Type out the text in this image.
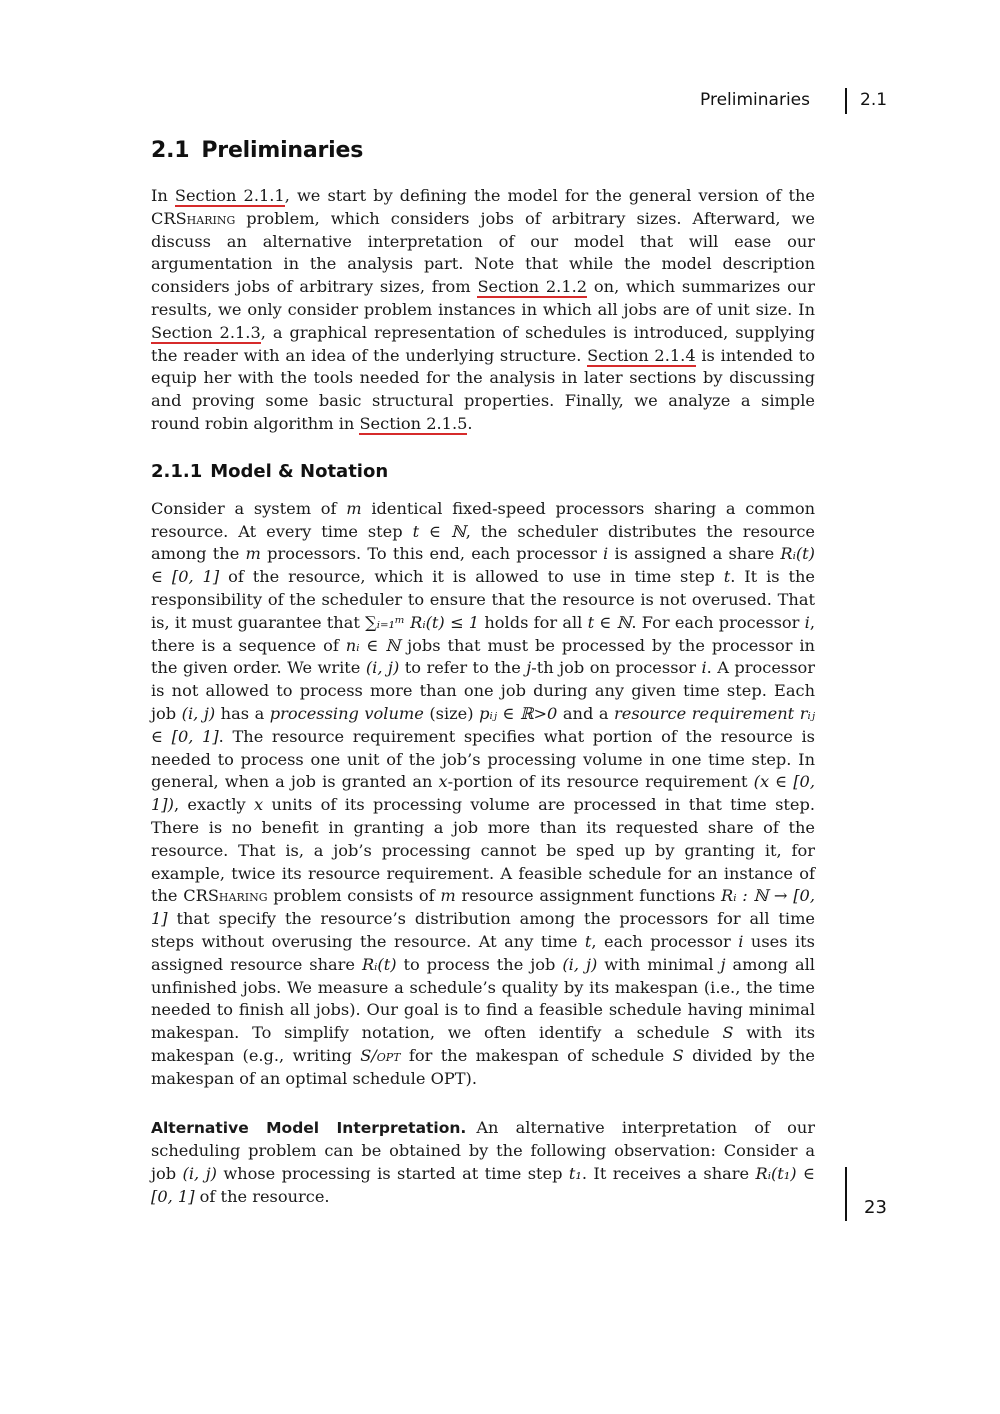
Preliminaries	2.1
2.1 Preliminaries

In Section 2.1.1, we start by defining the model for the general version of the CRSharing problem, which considers jobs of arbitrary sizes. Afterward, we discuss an alternative interpretation of our model that will ease our argumentation in the analysis part. Note that while the model description considers jobs of arbitrary sizes, from Section 2.1.2 on, which summarizes our results, we only consider problem instances in which all jobs are of unit size. In Section 2.1.3, a graphical representation of schedules is introduced, supplying the reader with an idea of the underlying structure. Section 2.1.4 is intended to equip her with the tools needed for the analysis in later sections by discussing and proving some basic structural properties. Finally, we analyze a simple round robin algorithm in Section 2.1.5.

2.1.1 Model & Notation

Consider a system of m identical fixed-speed processors sharing a common resource. At every time step t ∈ ℕ, the scheduler distributes the resource among the m processors. To this end, each processor i is assigned a share Rᵢ(t) ∈ [0, 1] of the resource, which it is allowed to use in time step t. It is the responsibility of the scheduler to ensure that the resource is not overused. That is, it must guarantee that ∑ᵢ₌₁ᵐ Rᵢ(t) ≤ 1 holds for all t ∈ ℕ. For each processor i, there is a sequence of nᵢ ∈ ℕ jobs that must be processed by the processor in the given order. We write (i, j) to refer to the j-th job on processor i. A processor is not allowed to process more than one job during any given time step. Each job (i, j) has a processing volume (size) pᵢⱼ ∈ ℝ>0 and a resource requirement rᵢⱼ ∈ [0, 1]. The resource requirement specifies what portion of the resource is needed to process one unit of the job’s processing volume in one time step. In general, when a job is granted an x-portion of its resource requirement (x ∈ [0, 1]), exactly x units of its processing volume are processed in that time step. There is no benefit in granting a job more than its requested share of the resource. That is, a job’s processing cannot be sped up by granting it, for example, twice its resource requirement. A feasible schedule for an instance of the CRSharing problem consists of m resource assignment functions Rᵢ : ℕ → [0, 1] that specify the resource’s distribution among the processors for all time steps without overusing the resource. At any time t, each processor i uses its assigned resource share Rᵢ(t) to process the job (i, j) with minimal j among all unfinished jobs. We measure a schedule’s quality by its makespan (i.e., the time needed to finish all jobs). Our goal is to find a feasible schedule having minimal makespan. To simplify notation, we often identify a schedule S with its makespan (e.g., writing S/opt for the makespan of schedule S divided by the makespan of an optimal schedule OPT).

Alternative Model Interpretation. An alternative interpretation of our scheduling problem can be obtained by the following observation: Consider a job (i, j) whose processing is started at time step t₁. It receives a share Rᵢ(t₁) ∈ [0, 1] of the resource.

23
